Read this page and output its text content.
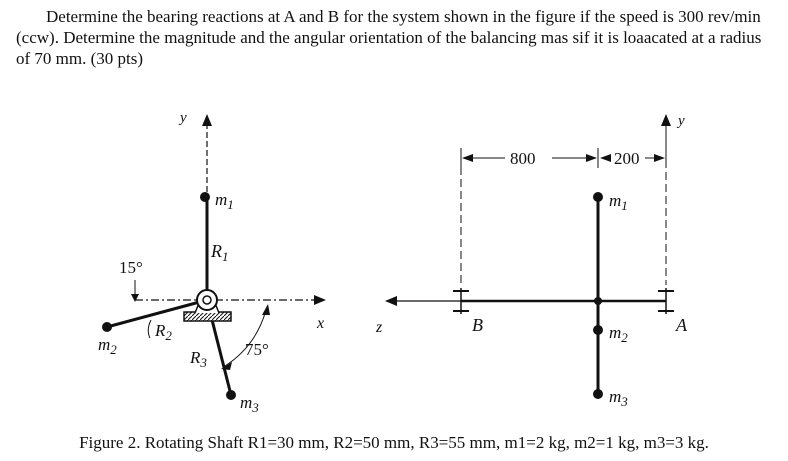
Determine the bearing reactions at A and B for the system shown in the figure if the speed is 300 rev/min (ccw). Determine the magnitude and the angular orientation of the balancing mas sif it is loaacated at a radius of 70 mm. (30 pts)

y
x
$m_1$
$R_1$
15°
$m_2$
$R_2$
$m_3$
$R_3$
75°
z	B	A
y
800	200
$m_1$
$m_2$
$m_3$

Figure 2. Rotating Shaft R1=30 mm, R2=50 mm, R3=55 mm, m1=2 kg, m2=1 kg, m3=3 kg.
